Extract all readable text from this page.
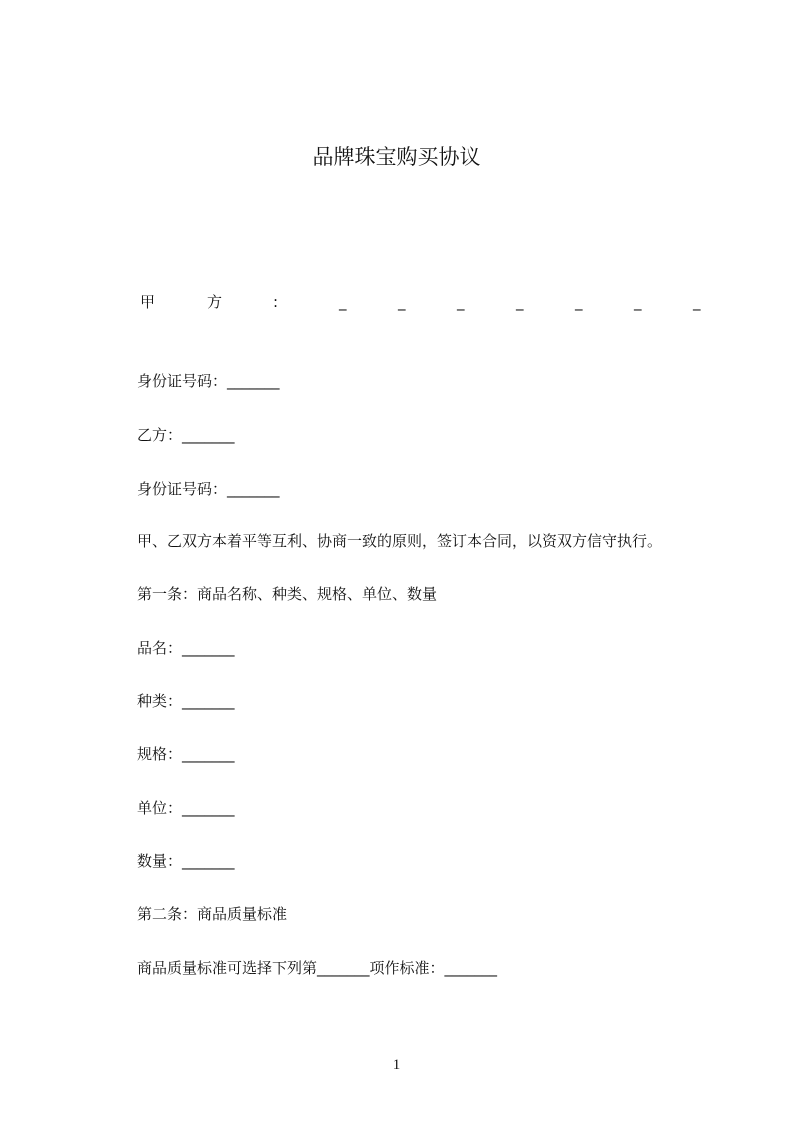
品牌珠宝购买协议
甲	方	:	_	_	_	_	_	_	_
身份证号码：_______
乙方：_______
身份证号码：_______
甲、乙双方本着平等互利、协商一致的原则，签订本合同，以资双方信守执行。
第一条：商品名称、种类、规格、单位、数量
品名：_______
种类：_______
规格：_______
单位：_______
数量：_______
第二条：商品质量标准
商品质量标准可选择下列第_______项作标准：_______
1
